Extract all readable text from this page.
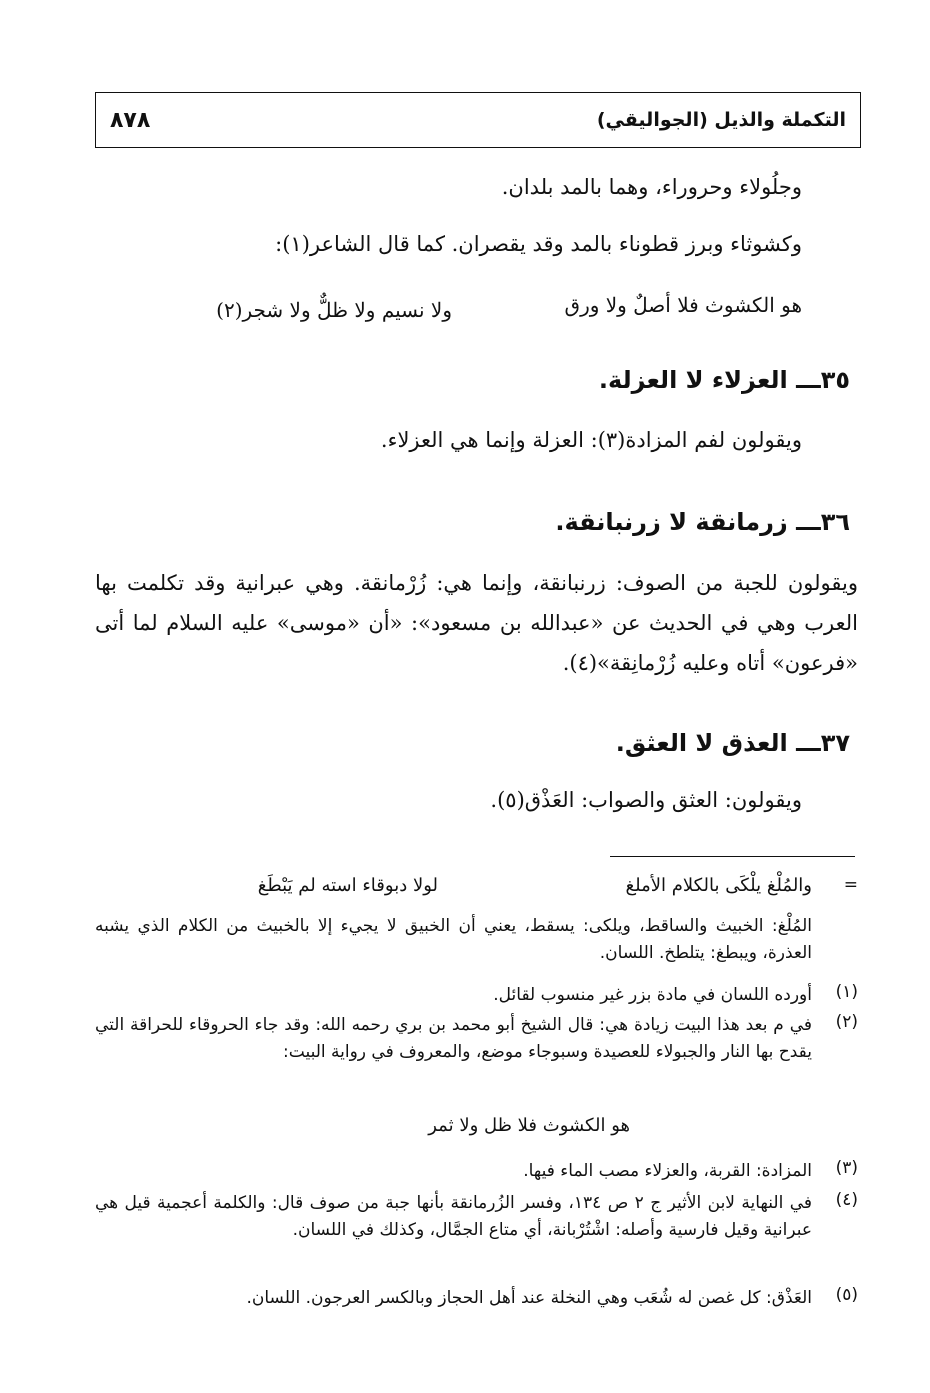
٨٧٨	التكملة والذيل (الجواليقي)
وجلُولاء وحروراء، وهما بالمد بلدان.
وكشوثاء وبرز قطوناء بالمد وقد يقصران. كما قال الشاعر(١):
هو الكشوث فلا أصلٌ ولا ورق
ولا نسيم ولا ظلٌّ ولا شجر(٢)
٣٥ـــ العزلاء لا العزلة.
ويقولون لفم المزادة(٣): العزلة وإنما هي العزلاء.
٣٦ـــ زرمانقة لا زرنبانقة.
ويقولون للجبة من الصوف: زرنبانقة، وإنما هي: زُرْمانقة. وهي عبرانية وقد تكلمت بها العرب وهي في الحديث عن «عبدالله بن مسعود»: «أن «موسى» عليه السلام لما أتى «فرعون» أتاه وعليه زُرْمانِقة»(٤).
٣٧ـــ العذق لا العثق.
ويقولون: العثق والصواب: العَذْق(٥).
=
والمُلْغ يلْكَى بالكلام الأملغ
لولا دبوقاء استه لم يَبْطَغ
المُلْغ: الخبيث والساقط، ويلكى: يسقط، يعني أن الخبيق لا يجيء إلا بالخبيث من الكلام الذي يشبه العذرة، ويبطغ: يتلطخ. اللسان.
(١)
أورده اللسان في مادة بزر غير منسوب لقائل.
(٢)
في م بعد هذا البيت زيادة هي: قال الشيخ أبو محمد بن بري رحمه الله: وقد جاء الحروقاء للحراقة التي يقدح بها النار والجبولاء للعصيدة وسبوجاء موضع، والمعروف في رواية البيت:
هو الكشوث فلا ظل ولا ثمر
(٣)
المزادة: القربة، والعزلاء مصب الماء فيها.
(٤)
في النهاية لابن الأثير ج ٢ ص ١٣٤، وفسر الزُرمانقة بأنها جبة من صوف قال: والكلمة أعجمية قيل هي عبرانية وقيل فارسية وأصله: اشْتُرْبانة، أي متاع الجمَّال، وكذلك في اللسان.
(٥)
العَذْق: كل غصن له شُعَب وهي النخلة عند أهل الحجاز وبالكسر العرجون. اللسان.
